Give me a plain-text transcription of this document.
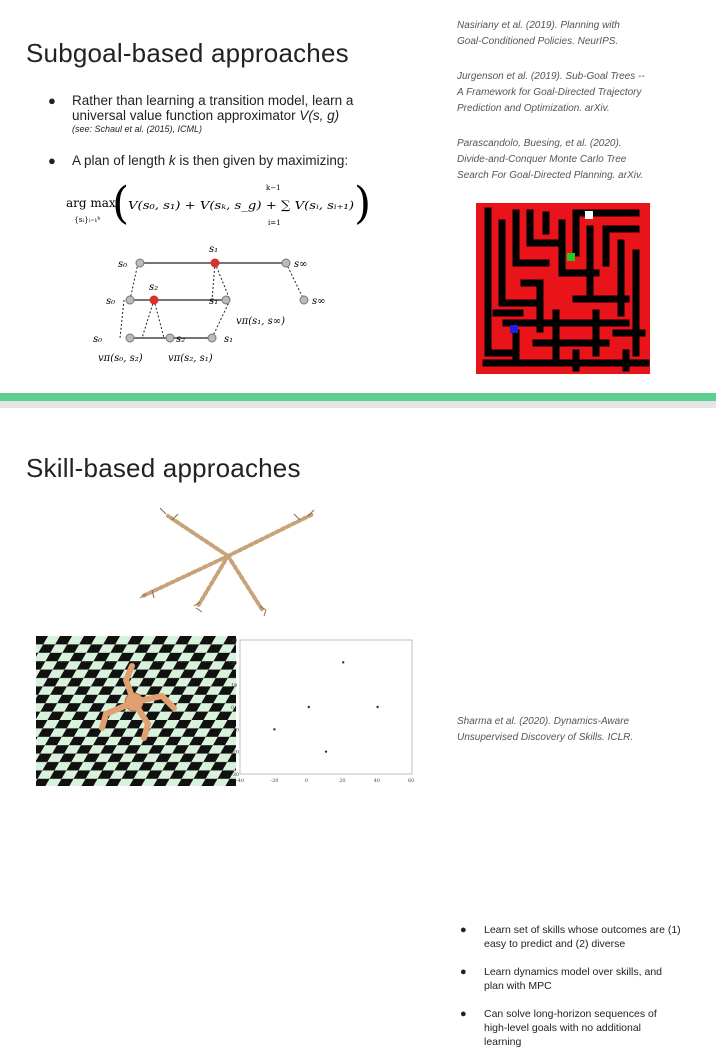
Subgoal-based approaches
● Rather than learning a transition model, learn a universal value function approximator V(s, g)
(see: Schaul et al. (2015), ICML)
● A plan of length k is then given by maximizing:
arg max
{sᵢ}ᵢ₌₁ᵏ (
V(s₀, s₁) + V(sₖ, s_g) + ∑ V(sᵢ, sᵢ₊₁)
k−1
i=1 )
s₀
s₁
s∞
s₀
s₂
s₁	s∞
vπ(s₁, s∞)
s₀	s₂	s₁
vπ(s₀, s₂)	vπ(s₂, s₁)
Nasiriany et al. (2019). Planning with
Goal-Conditioned Policies. NeurIPS.
Jurgenson et al. (2019). Sub-Goal Trees --
A Framework for Goal-Directed Trajectory
Prediction and Optimization. arXiv.
Parascandolo, Buesing, et al. (2020).
Divide-and-Conquer Monte Carlo Tree
Search For Goal-Directed Planning. arXiv.
Skill-based approaches
-40	-20	0	20	40	60
30
20
10
0
-10
-20
-30
● Learn set of skills whose outcomes are (1) easy to predict and (2) diverse
● Learn dynamics model over skills, and plan with MPC
● Can solve long-horizon sequences of high-level goals with no additional learning
Sharma et al. (2020). Dynamics-Aware
Unsupervised Discovery of Skills. ICLR.
